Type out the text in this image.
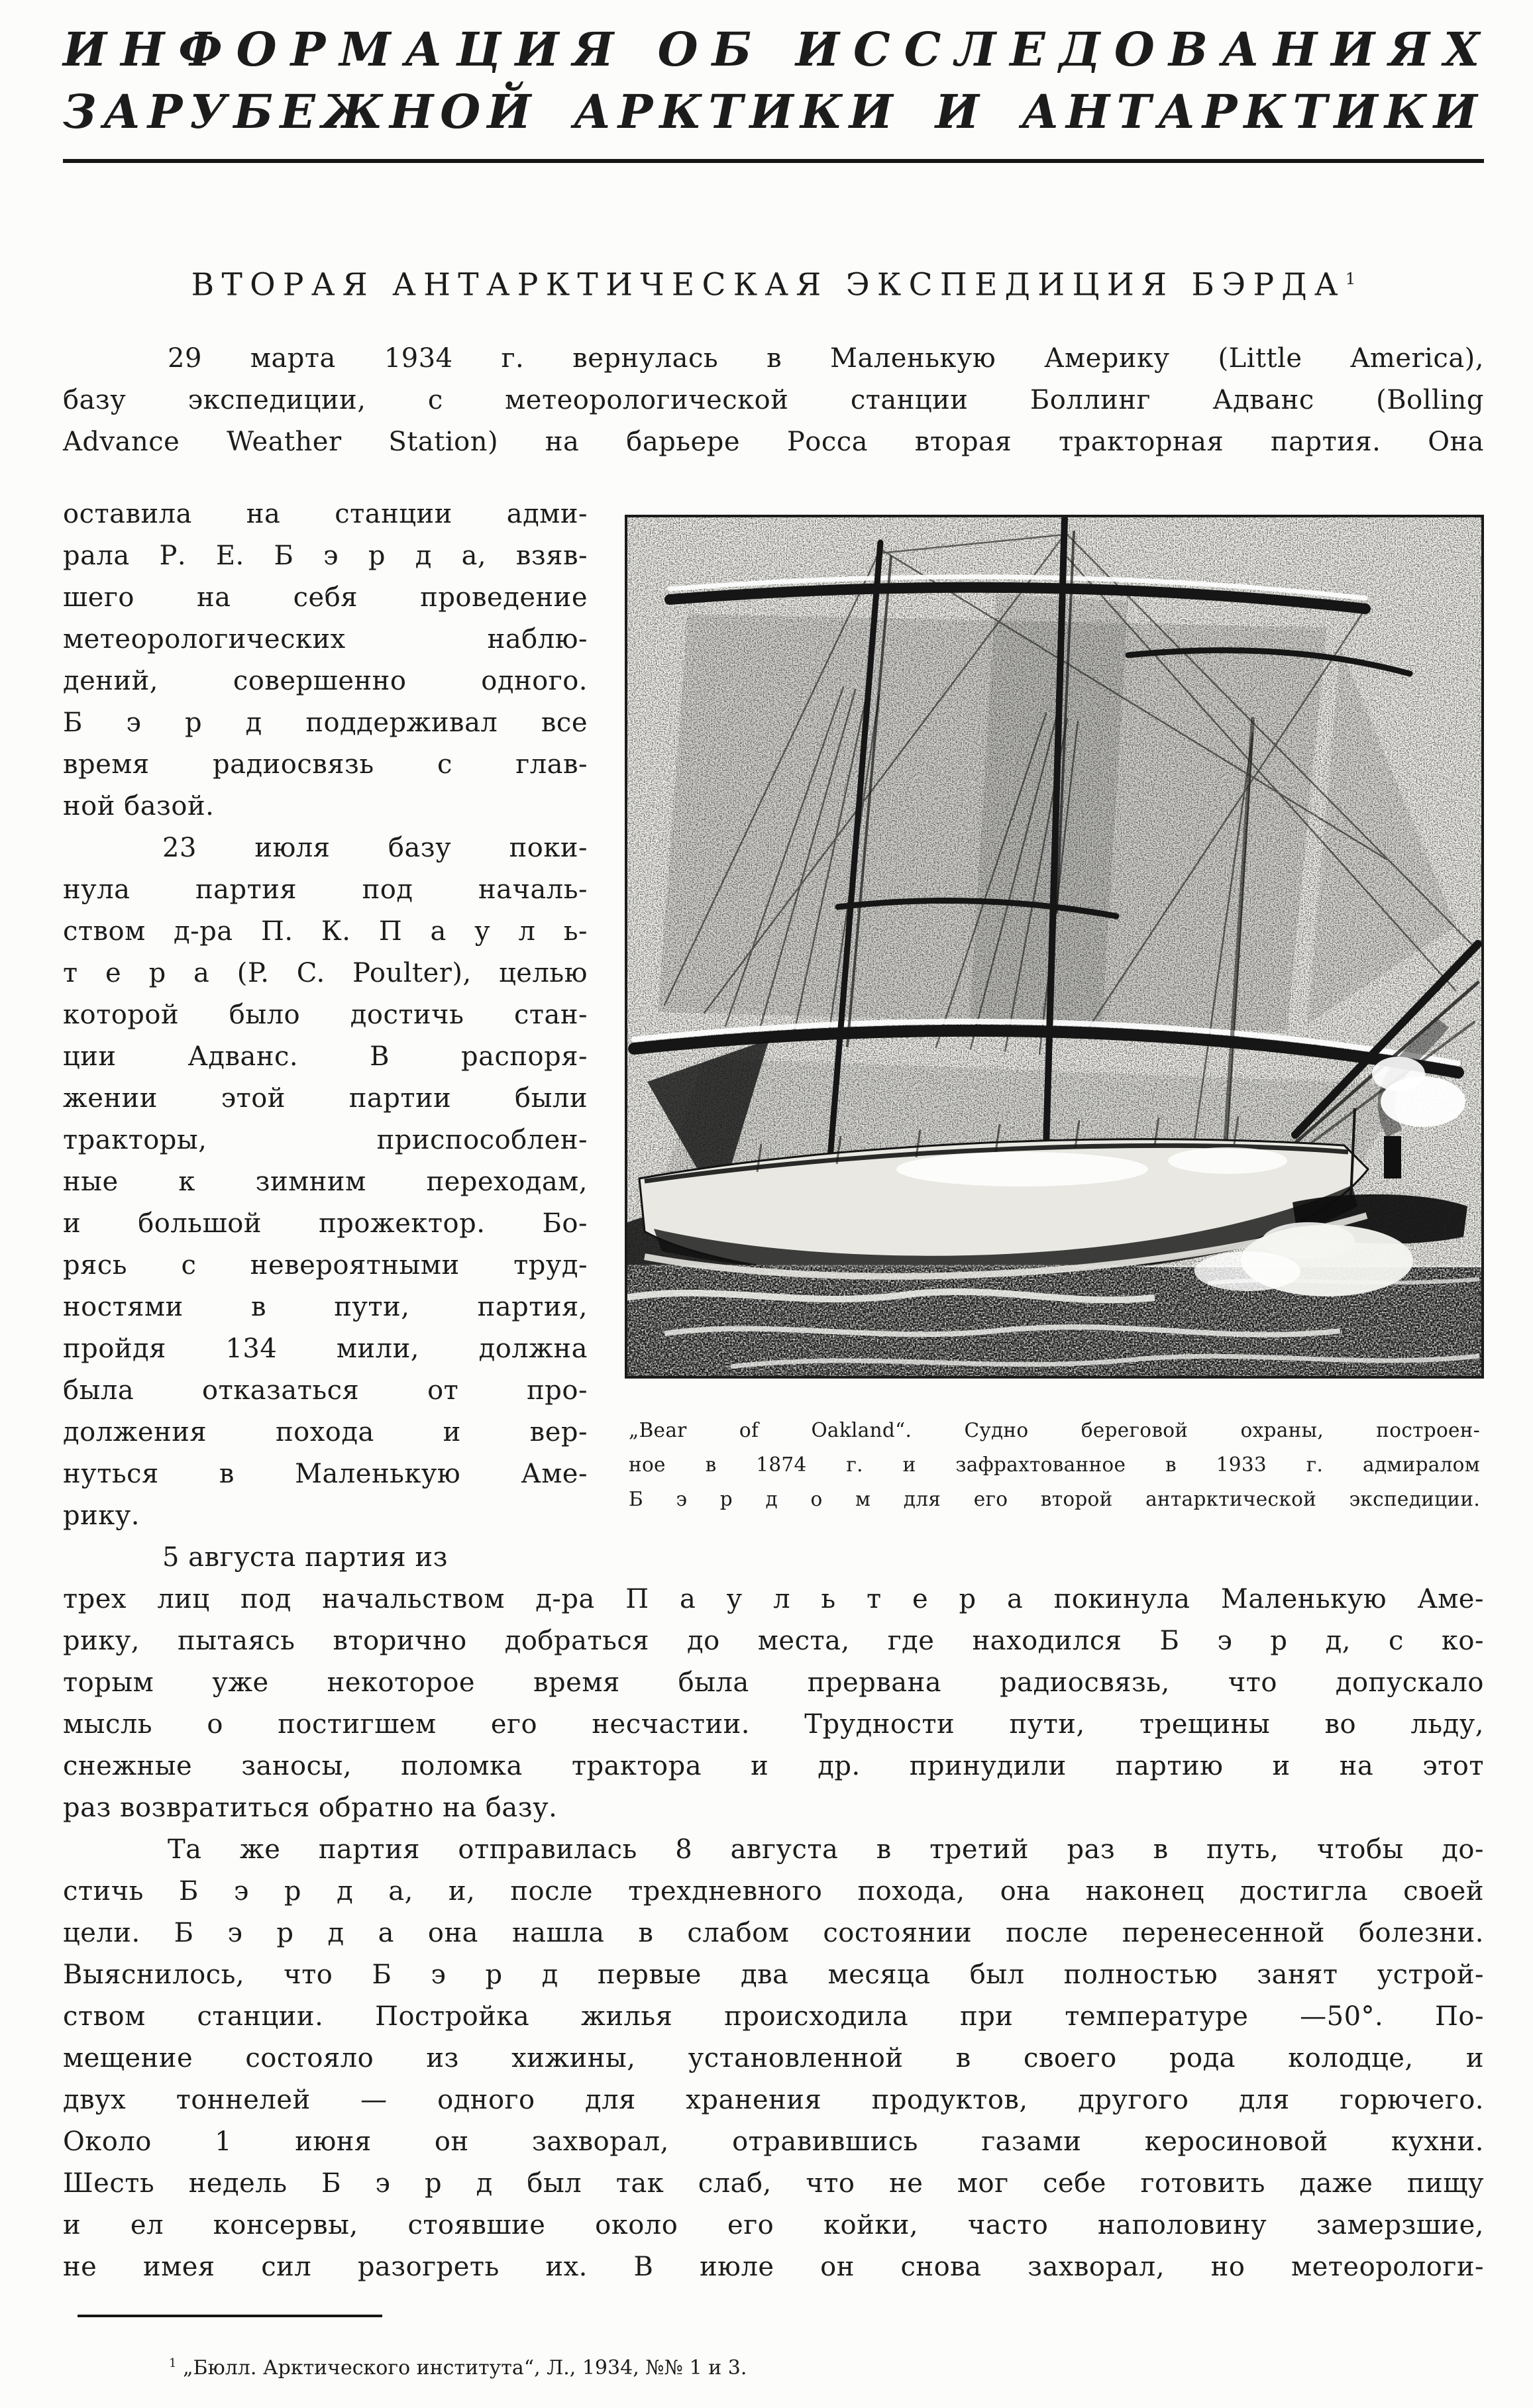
ИНФОРМАЦИЯ ОБ ИССЛЕДОВАНИЯХ
ЗАРУБЕЖНОЙ АРКТИКИ И АНТАРКТИКИ
ВТОРАЯ АНТАРКТИЧЕСКАЯ ЭКСПЕДИЦИЯ БЭРДА$^1$
29 марта 1934 г. вернулась в Маленькую Америку (Little America),
базу экспедиции, с метеорологической станции Боллинг Адванс (Bolling
Advance Weather Station) на барьере Росса вторая тракторная партия. Она
оставила на станции адми-
рала Р. Е. Б э р д а, взяв-
шего на себя проведение
метеорологических наблю-
дений, совершенно одного.
Б э р д поддерживал все
время радиосвязь с глав-
ной базой.
23 июля базу поки-
нула партия под началь-
ством д-ра П. К. П а у л ь-
т е р а (P. C. Poulter), целью
которой было достичь стан-
ции Адванс. В распоря-
жении этой партии были
тракторы, приспособлен-
ные к зимним переходам,
и большой прожектор. Бо-
рясь с невероятными труд-
ностями в пути, партия,
пройдя 134 мили, должна
была отказаться от про-
должения похода и вер-
нуться в Маленькую Аме-
рику.
5 августа партия из
„Bear of Oakland“. Судно береговой охраны, построен-
ное в 1874 г. и зафрахтованное в 1933 г. адмиралом
Б э р д о м для его второй антарктической экспедиции.
трех лиц под начальством д-ра П а у л ь т е р а покинула Маленькую Аме-
рику, пытаясь вторично добраться до места, где находился Б э р д, с ко-
торым уже некоторое время была прервана радиосвязь, что допускало
мысль о постигшем его несчастии. Трудности пути, трещины во льду,
снежные заносы, поломка трактора и др. принудили партию и на этот
раз возвратиться обратно на базу.
Та же партия отправилась 8 августа в третий раз в путь, чтобы до-
стичь Б э р д а, и, после трехдневного похода, она наконец достигла своей
цели. Б э р д а она нашла в слабом состоянии после перенесенной болезни.
Выяснилось, что Б э р д первые два месяца был полностью занят устрой-
ством станции. Постройка жилья происходила при температуре —50°. По-
мещение состояло из хижины, установленной в своего рода колодце, и
двух тоннелей — одного для хранения продуктов, другого для горючего.
Около 1 июня он захворал, отравившись газами керосиновой кухни.
Шесть недель Б э р д был так слаб, что не мог себе готовить даже пищу
и ел консервы, стоявшие около его койки, часто наполовину замерзшие,
не имея сил разогреть их. В июле он снова захворал, но метеорологи-
$^1$ „Бюлл. Арктического института“, Л., 1934, №№ 1 и 3.
